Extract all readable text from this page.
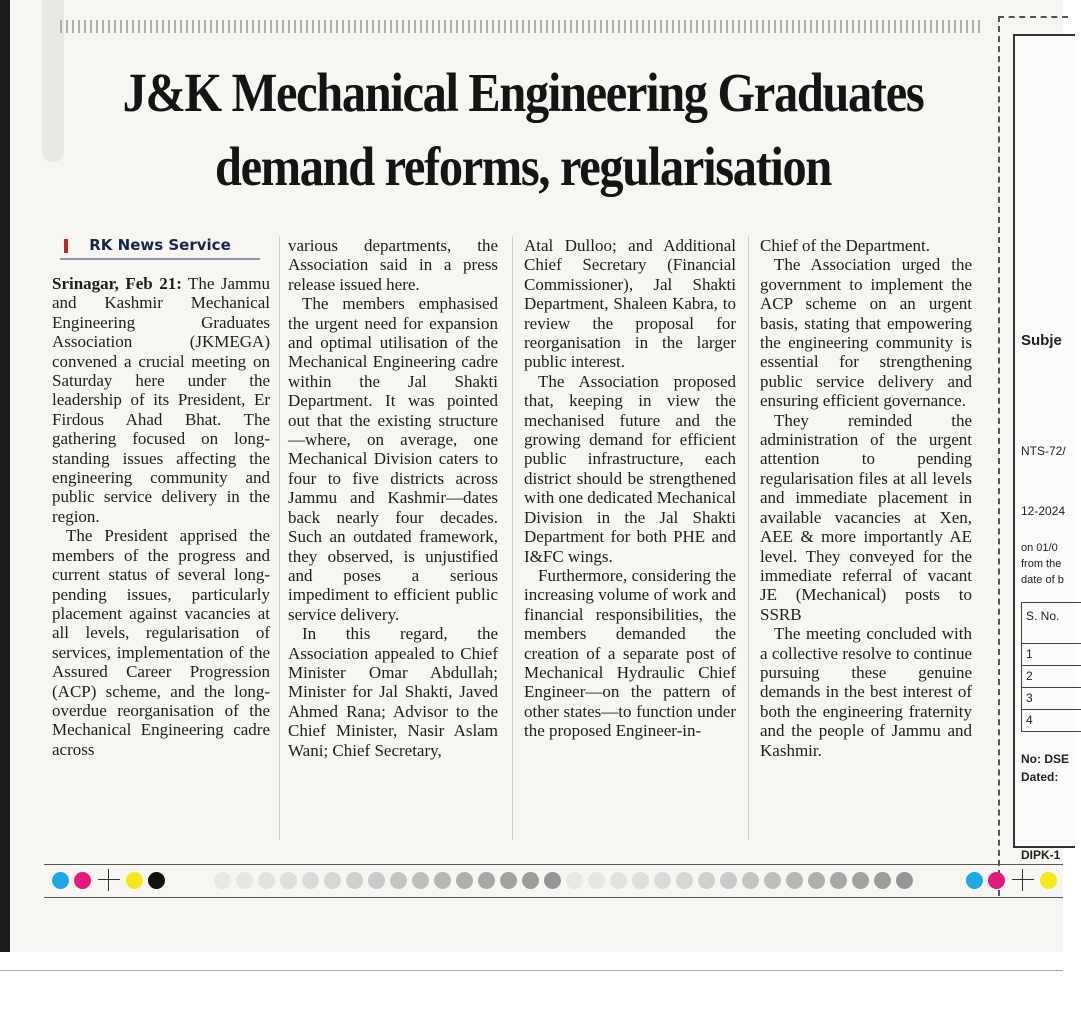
J&K Mechanical Engineering Graduates
demand reforms, regularisation
RK News Service

Srinagar, Feb 21: The Jammu and Kashmir Mechanical Engineering Graduates Association (JKMEGA) convened a crucial meeting on Saturday here under the leadership of its President, Er Firdous Ahad Bhat. The gathering focused on long-standing issues affecting the engineering community and public service delivery in the region.

The President apprised the members of the progress and current status of several long-pending issues, particularly placement against vacancies at all levels, regularisation of services, implementation of the Assured Career Progression (ACP) scheme, and the long-overdue reorganisation of the Mechanical Engineering cadre across

various departments, the Association said in a press release issued here.

The members emphasised the urgent need for expansion and optimal utilisation of the Mechanical Engineering cadre within the Jal Shakti Department. It was pointed out that the existing structure—where, on average, one Mechanical Division caters to four to five districts across Jammu and Kashmir—dates back nearly four decades. Such an outdated framework, they observed, is unjustified and poses a serious impediment to efficient public service delivery.

In this regard, the Association appealed to Chief Minister Omar Abdullah; Minister for Jal Shakti, Javed Ahmed Rana; Advisor to the Chief Minister, Nasir Aslam Wani; Chief Secretary,

Atal Dulloo; and Additional Chief Secretary (Financial Commissioner), Jal Shakti Department, Shaleen Kabra, to review the proposal for reorganisation in the larger public interest.

The Association proposed that, keeping in view the mechanised future and the growing demand for efficient public infrastructure, each district should be strengthened with one dedicated Mechanical Division in the Jal Shakti Department for both PHE and I&FC wings.

Furthermore, considering the increasing volume of work and financial responsibilities, the members demanded the creation of a separate post of Mechanical Hydraulic Chief Engineer—on the pattern of other states—to function under the proposed Engineer-in-

Chief of the Department.

The Association urged the government to implement the ACP scheme on an urgent basis, stating that empowering the engineering community is essential for strengthening public service delivery and ensuring efficient governance.

They reminded the administration of the urgent attention to pending regularisation files at all levels and immediate placement in available vacancies at Xen, AEE & more importantly AE level. They conveyed for the immediate referral of vacant JE (Mechanical) posts to SSRB

The meeting concluded with a collective resolve to continue pursuing these genuine demands in the best interest of both the engineering fraternity and the people of Jammu and Kashmir.

Subje
NTS-72/
12-2024
on 01/0
from the
date of b
S. No.
1
2
3
4
No: DSE
Dated:
DIPK-1
